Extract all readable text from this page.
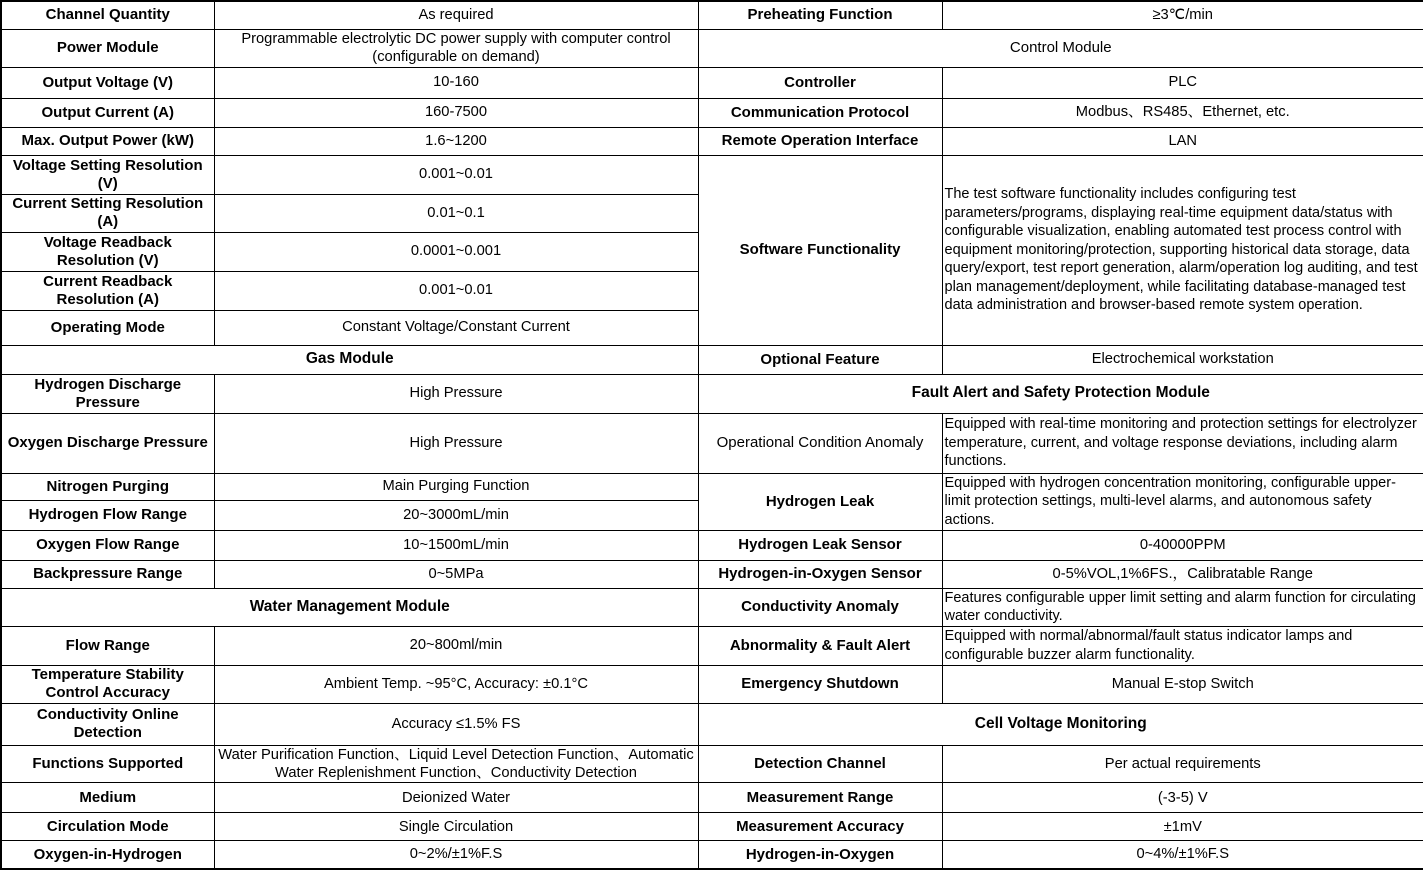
Channel Quantity	As required	Preheating Function	≥3℃/min
Power Module	Programmable electrolytic DC power supply with computer control (configurable on demand)	Control Module	
Output Voltage (V)	10-160	Controller	PLC
Output Current (A)	160-7500	Communication Protocol	Modbus、RS485、Ethernet, etc.
Max. Output Power (kW)	1.6~1200	Remote Operation Interface	LAN
Voltage Setting Resolution (V)	0.001~0.01	Software Functionality	The test software functionality includes configuring test parameters/programs, displaying real-time equipment data/status with configurable visualization, enabling automated test process control with equipment monitoring/protection, supporting historical data storage, data query/export, test report generation, alarm/operation log auditing, and test plan management/deployment, while facilitating database-managed test data administration and browser-based remote system operation.
Current Setting Resolution (A)	0.01~0.1		
Voltage Readback Resolution (V)	0.0001~0.001		
Current Readback Resolution (A)	0.001~0.01		
Operating Mode	Constant Voltage/Constant Current		
Gas Module		Optional Feature	Electrochemical workstation
Hydrogen Discharge Pressure	High Pressure	Fault Alert and Safety Protection Module	
Oxygen Discharge Pressure	High Pressure	Operational Condition Anomaly	Equipped with real-time monitoring and protection settings for electrolyzer temperature, current, and voltage response deviations, including alarm functions.
Nitrogen Purging	Main Purging Function	Hydrogen Leak	Equipped with hydrogen concentration monitoring, configurable upper-limit protection settings, multi-level alarms, and autonomous safety actions.
Hydrogen Flow Range	20~3000mL/min		
Oxygen Flow Range	10~1500mL/min	Hydrogen Leak Sensor	0-40000PPM
Backpressure Range	0~5MPa	Hydrogen-in-Oxygen Sensor	0-5%VOL,1%6FS.，Calibratable Range
Water Management Module		Conductivity Anomaly	Features configurable upper limit setting and alarm function for circulating water conductivity.
Flow Range	20~800ml/min	Abnormality & Fault Alert	Equipped with normal/abnormal/fault status indicator lamps and configurable buzzer alarm functionality.
Temperature Stability Control Accuracy	Ambient Temp. ~95°C, Accuracy: ±0.1°C	Emergency Shutdown	Manual E-stop Switch
Conductivity Online Detection	Accuracy ≤1.5% FS	Cell Voltage Monitoring	
Functions Supported	Water Purification Function、Liquid Level Detection Function、Automatic Water Replenishment Function、Conductivity Detection	Detection Channel	Per actual requirements
Medium	Deionized Water	Measurement Range	(-3-5) V
Circulation Mode	Single Circulation	Measurement Accuracy	±1mV
Oxygen-in-Hydrogen	0~2%/±1%F.S	Hydrogen-in-Oxygen	0~4%/±1%F.S
